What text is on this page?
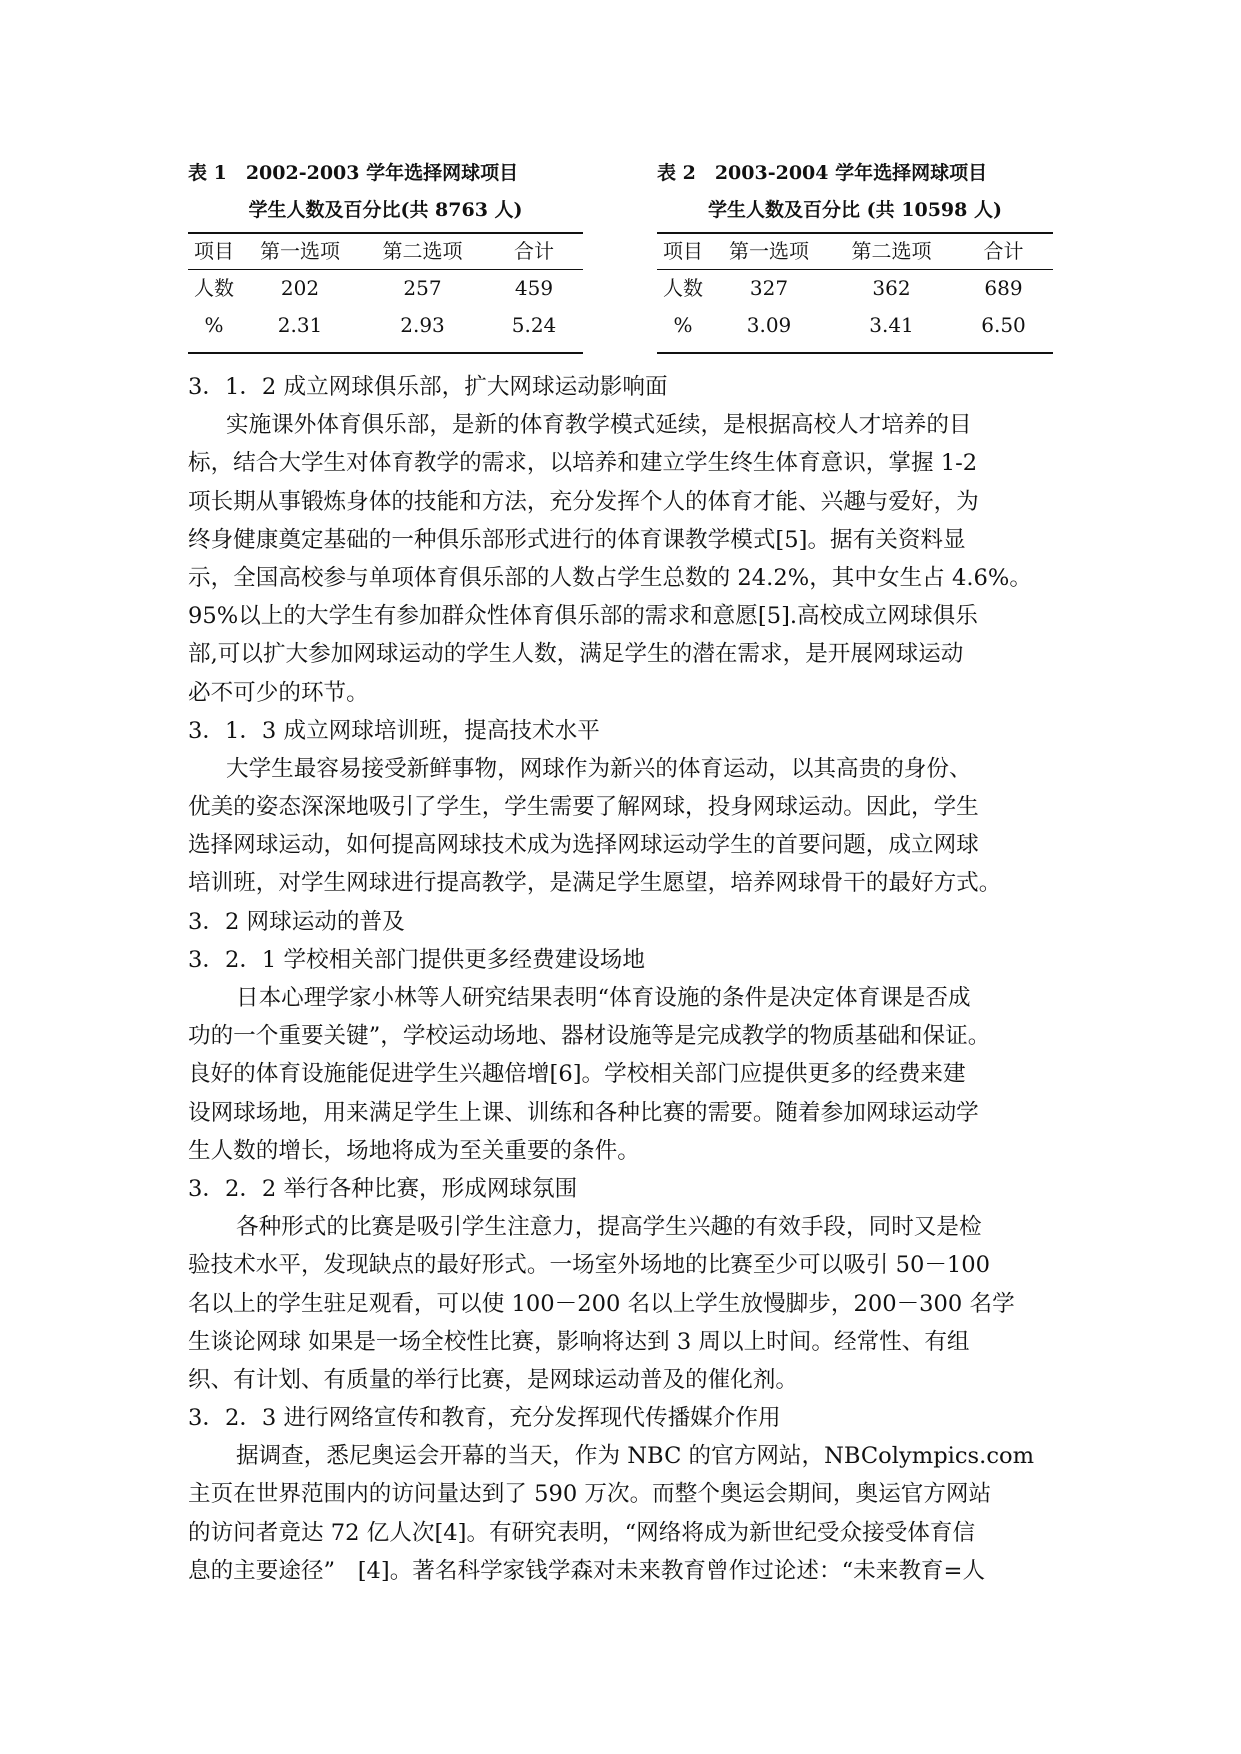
表 1　2002-2003 学年选择网球项目
学生人数及百分比(共 8763 人)
项目	第一选项	第二选项	合计
人数	202	257	459
%	2.31	2.93	5.24
表 2　2003-2004 学年选择网球项目
学生人数及百分比 (共 10598 人)
项目	第一选项	第二选项	合计
人数	327	362	689
%	3.09	3.41	6.50
3．1．2 成立网球俱乐部，扩大网球运动影响面
实施课外体育俱乐部，是新的体育教学模式延续，是根据高校人才培养的目
标，结合大学生对体育教学的需求，以培养和建立学生终生体育意识，掌握 1-2
项长期从事锻炼身体的技能和方法，充分发挥个人的体育才能、兴趣与爱好，为
终身健康奠定基础的一种俱乐部形式进行的体育课教学模式[5]。据有关资料显
示，全国高校参与单项体育俱乐部的人数占学生总数的 24.2%，其中女生占 4.6%。
95%以上的大学生有参加群众性体育俱乐部的需求和意愿[5].高校成立网球俱乐
部,可以扩大参加网球运动的学生人数，满足学生的潜在需求，是开展网球运动
必不可少的环节。
3．1．3 成立网球培训班，提高技术水平
大学生最容易接受新鲜事物，网球作为新兴的体育运动，以其高贵的身份、
优美的姿态深深地吸引了学生，学生需要了解网球，投身网球运动。因此，学生
选择网球运动，如何提高网球技术成为选择网球运动学生的首要问题，成立网球
培训班，对学生网球进行提高教学，是满足学生愿望，培养网球骨干的最好方式。
3．2 网球运动的普及
3．2．1 学校相关部门提供更多经费建设场地
日本心理学家小林等人研究结果表明“体育设施的条件是决定体育课是否成
功的一个重要关键”，学校运动场地、器材设施等是完成教学的物质基础和保证。
良好的体育设施能促进学生兴趣倍增[6]。学校相关部门应提供更多的经费来建
设网球场地，用来满足学生上课、训练和各种比赛的需要。随着参加网球运动学
生人数的增长，场地将成为至关重要的条件。
3．2．2 举行各种比赛，形成网球氛围
各种形式的比赛是吸引学生注意力，提高学生兴趣的有效手段，同时又是检
验技术水平，发现缺点的最好形式。一场室外场地的比赛至少可以吸引 50－100
名以上的学生驻足观看，可以使 100－200 名以上学生放慢脚步，200－300 名学
生谈论网球 如果是一场全校性比赛，影响将达到 3 周以上时间。经常性、有组
织、有计划、有质量的举行比赛，是网球运动普及的催化剂。
3．2．3 进行网络宣传和教育，充分发挥现代传播媒介作用
据调查，悉尼奥运会开幕的当天，作为 NBC 的官方网站，NBColympics.com
主页在世界范围内的访问量达到了 590 万次。而整个奥运会期间，奥运官方网站
的访问者竟达 72 亿人次[4]。有研究表明，“网络将成为新世纪受众接受体育信
息的主要途径”　[4]。著名科学家钱学森对未来教育曾作过论述：“未来教育=人
